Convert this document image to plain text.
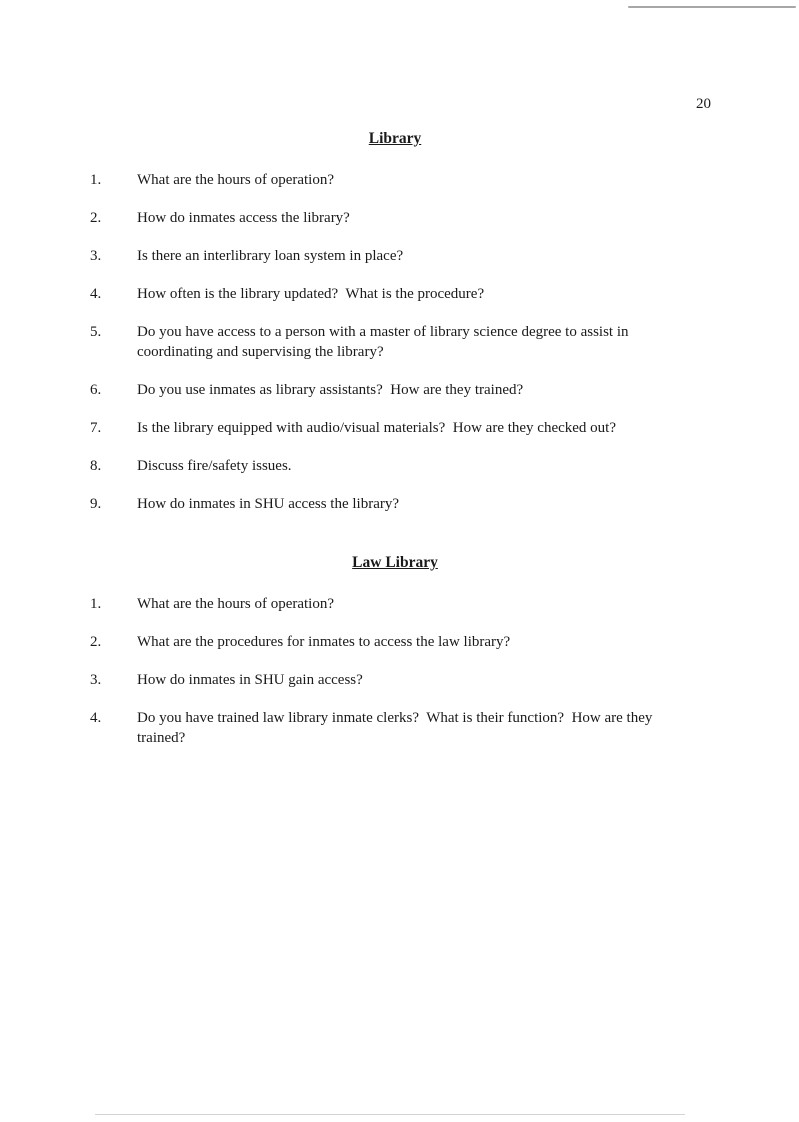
20
Library
1.	What are the hours of operation?
2.	How do inmates access the library?
3.	Is there an interlibrary loan system in place?
4.	How often is the library updated?  What is the procedure?
5.	Do you have access to a person with a master of library science degree to assist in coordinating and supervising the library?
6.	Do you use inmates as library assistants?  How are they trained?
7.	Is the library equipped with audio/visual materials?  How are they checked out?
8.	Discuss fire/safety issues.
9.	How do inmates in SHU access the library?
Law Library
1.	What are the hours of operation?
2.	What are the procedures for inmates to access the law library?
3.	How do inmates in SHU gain access?
4.	Do you have trained law library inmate clerks?  What is their function?  How are they trained?
